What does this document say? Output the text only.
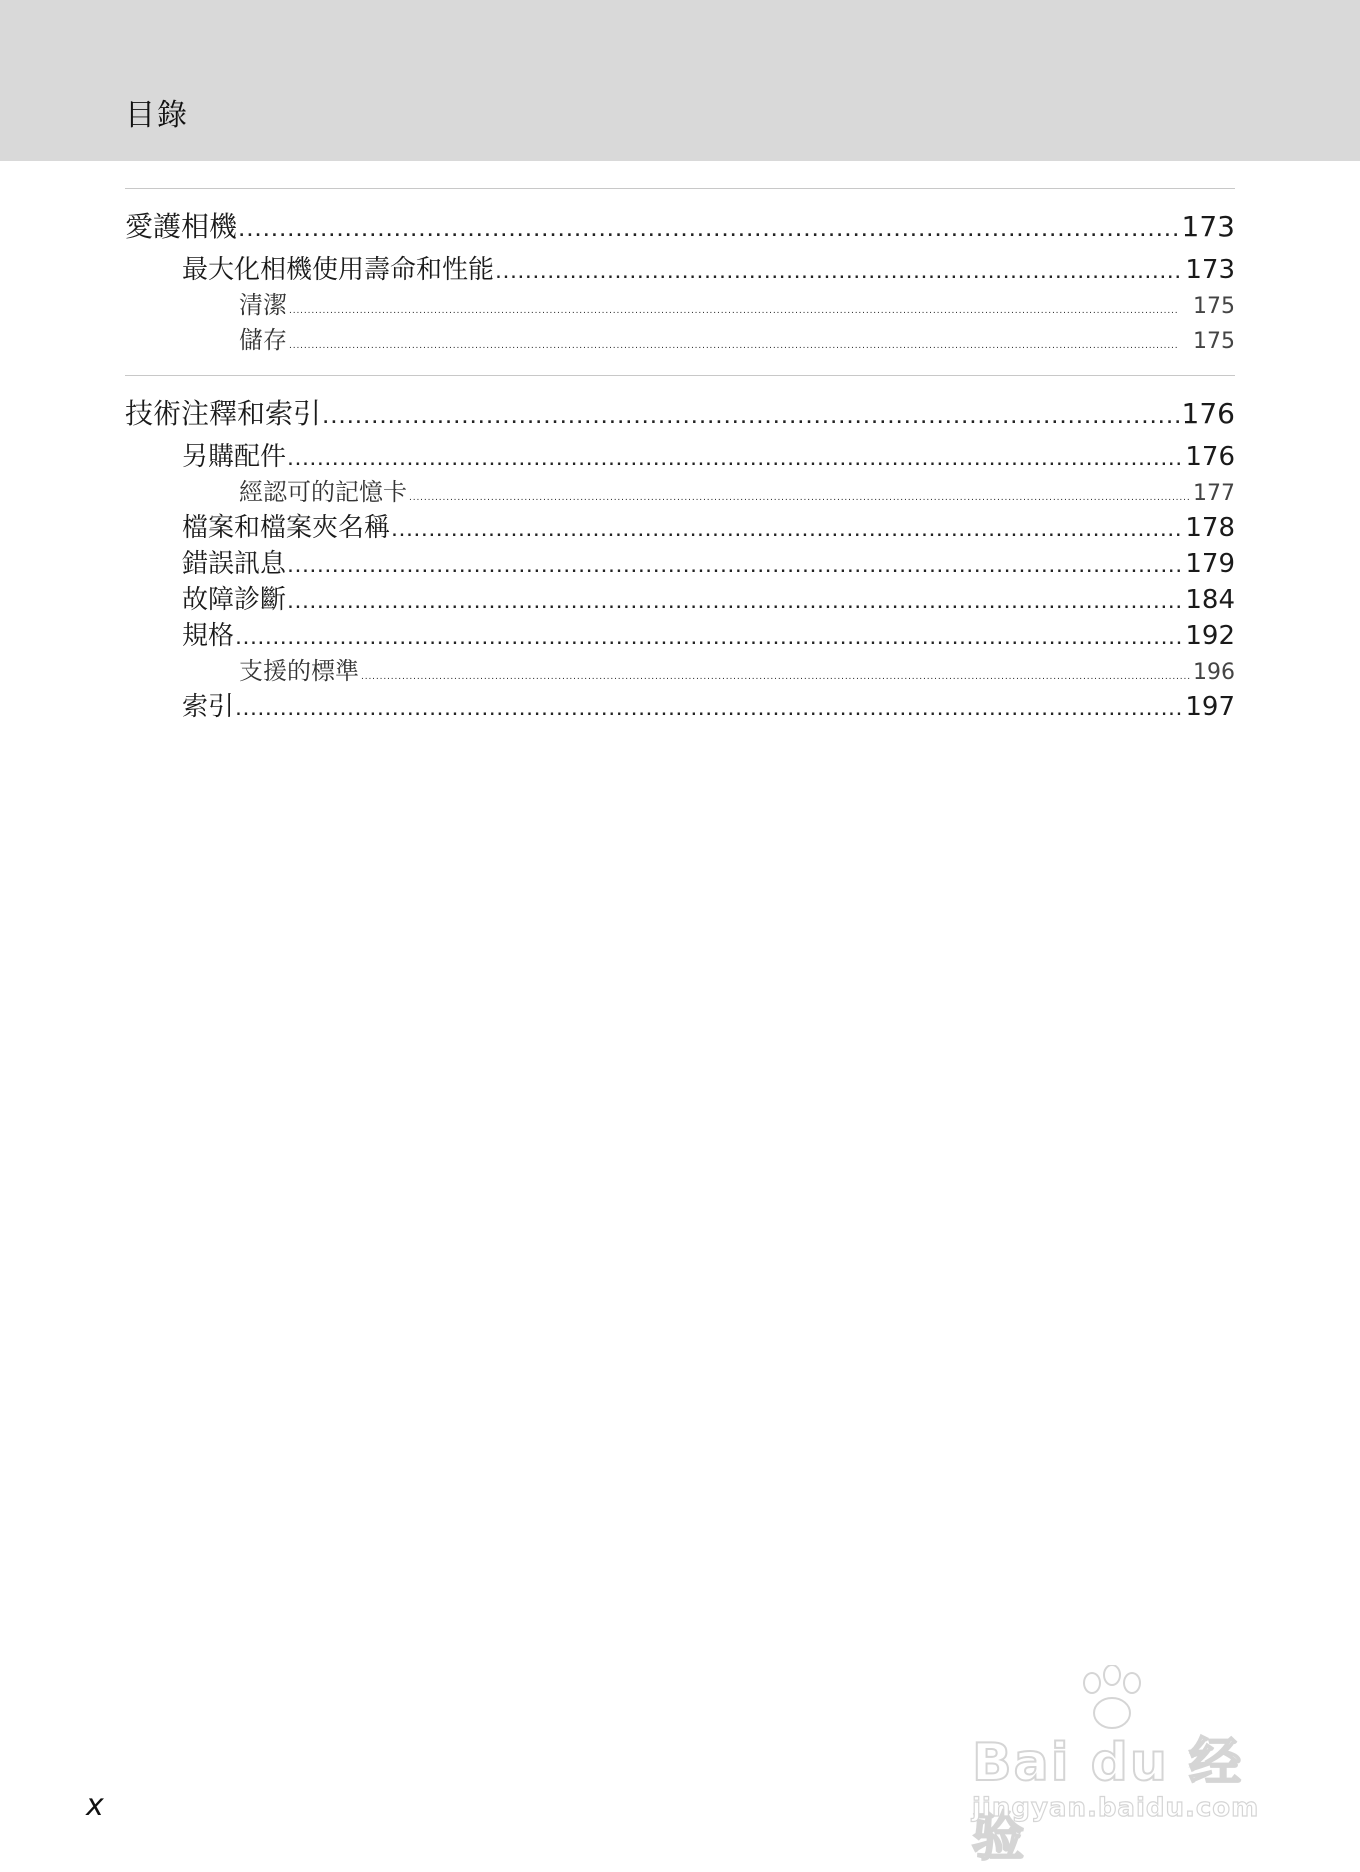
目錄
愛護相機 . . .	173
最大化相機使用壽命和性能 . . .	173
清潔 . . .	175
儲存 . . .	175
技術注釋和索引 . . .	176
另購配件 . . .	176
經認可的記憶卡 . . .	177
檔案和檔案夾名稱 . . .	178
錯誤訊息 . . .	179
故障診斷 . . .	184
規格 . . .	192
支援的標準 . . .	196
索引 . . .	197
x
Bai du 经验
jingyan.baidu.com
